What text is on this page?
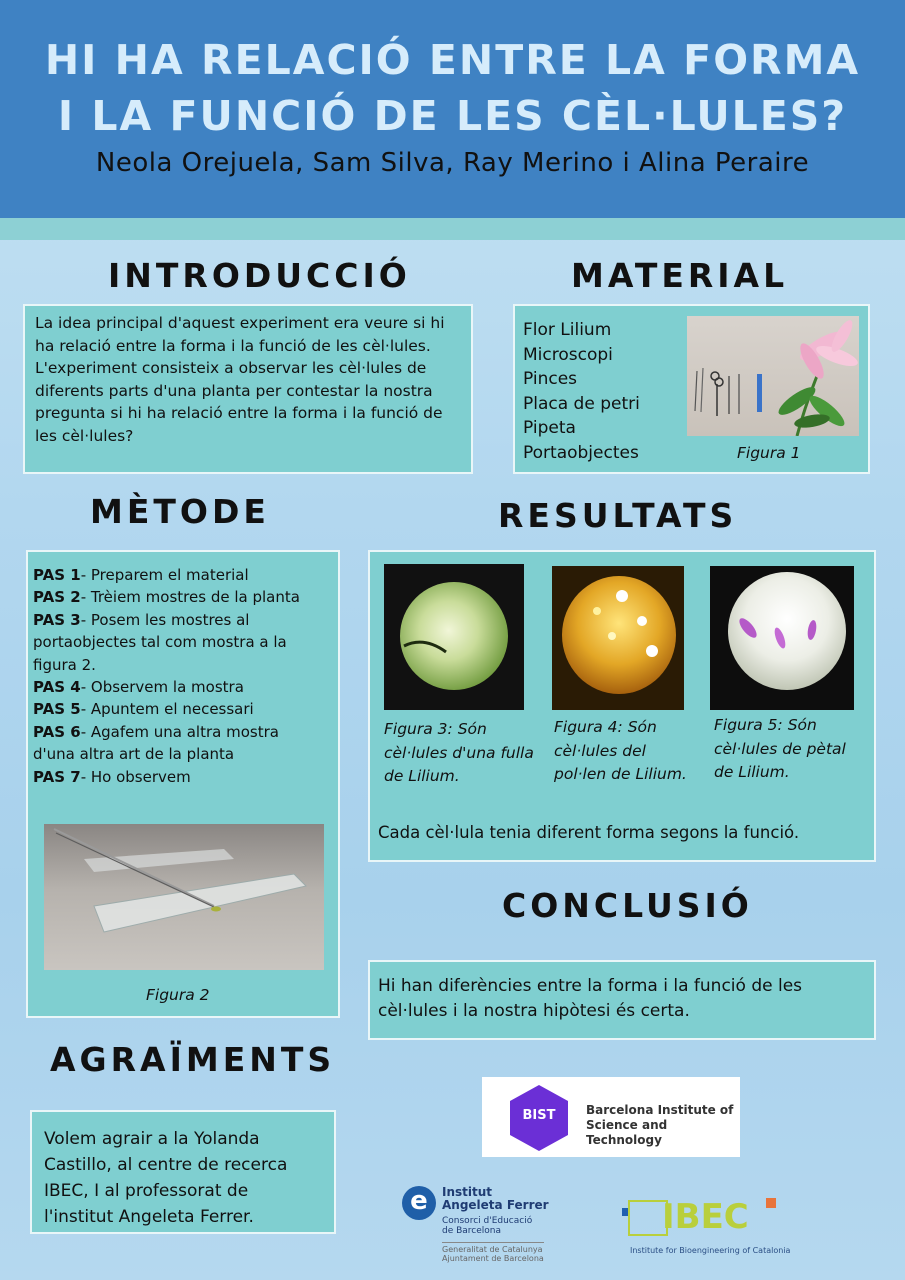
HI HA RELACIÓ ENTRE LA FORMA
I LA FUNCIÓ DE LES CÈL·LULES?
Neola Orejuela, Sam Silva, Ray Merino i Alina Peraire
INTRODUCCIÓ
La idea principal d'aquest experiment era veure si hi ha relació entre la forma i la funció de les cèl·lules.
L'experiment consisteix a observar les cèl·lules de diferents parts d'una planta per contestar la nostra pregunta si hi ha relació entre la forma i la funció de les cèl·lules?
MATERIAL
Flor Lilium
Microscopi
Pinces
Placa de petri
Pipeta
Portaobjectes	Figura 1
MÈTODE
PAS 1- Preparem el material
PAS 2- Trèiem mostres de la planta
PAS 3- Posem les mostres al portaobjectes tal com mostra a la figura 2.
PAS 4- Observem la mostra
PAS 5- Apuntem el necessari
PAS 6- Agafem una altra mostra d'una altra art de la planta
PAS 7- Ho observem
Figura 2
RESULTATS
Figura 3: Són cèl·lules d'una fulla de Lilium.
Figura 4: Són cèl·lules del pol·len de Lilium.
Figura 5: Són cèl·lules de pètal de Lilium.
Cada cèl·lula tenia diferent forma segons la funció.
CONCLUSIÓ
Hi han diferències entre la forma i la funció de les cèl·lules i la nostra hipòtesi és certa.
AGRAÏMENTS
Volem agrair a la Yolanda Castillo, al centre de recerca IBEC, I al professorat de l'institut Angeleta Ferrer.
BIST	Barcelona Institute of
Science and Technology
e	Institut
Angeleta Ferrer
Consorci d'Educació
de Barcelona
Generalitat de Catalunya
Ajuntament de Barcelona
IBEC
Institute for Bioengineering of Catalonia
